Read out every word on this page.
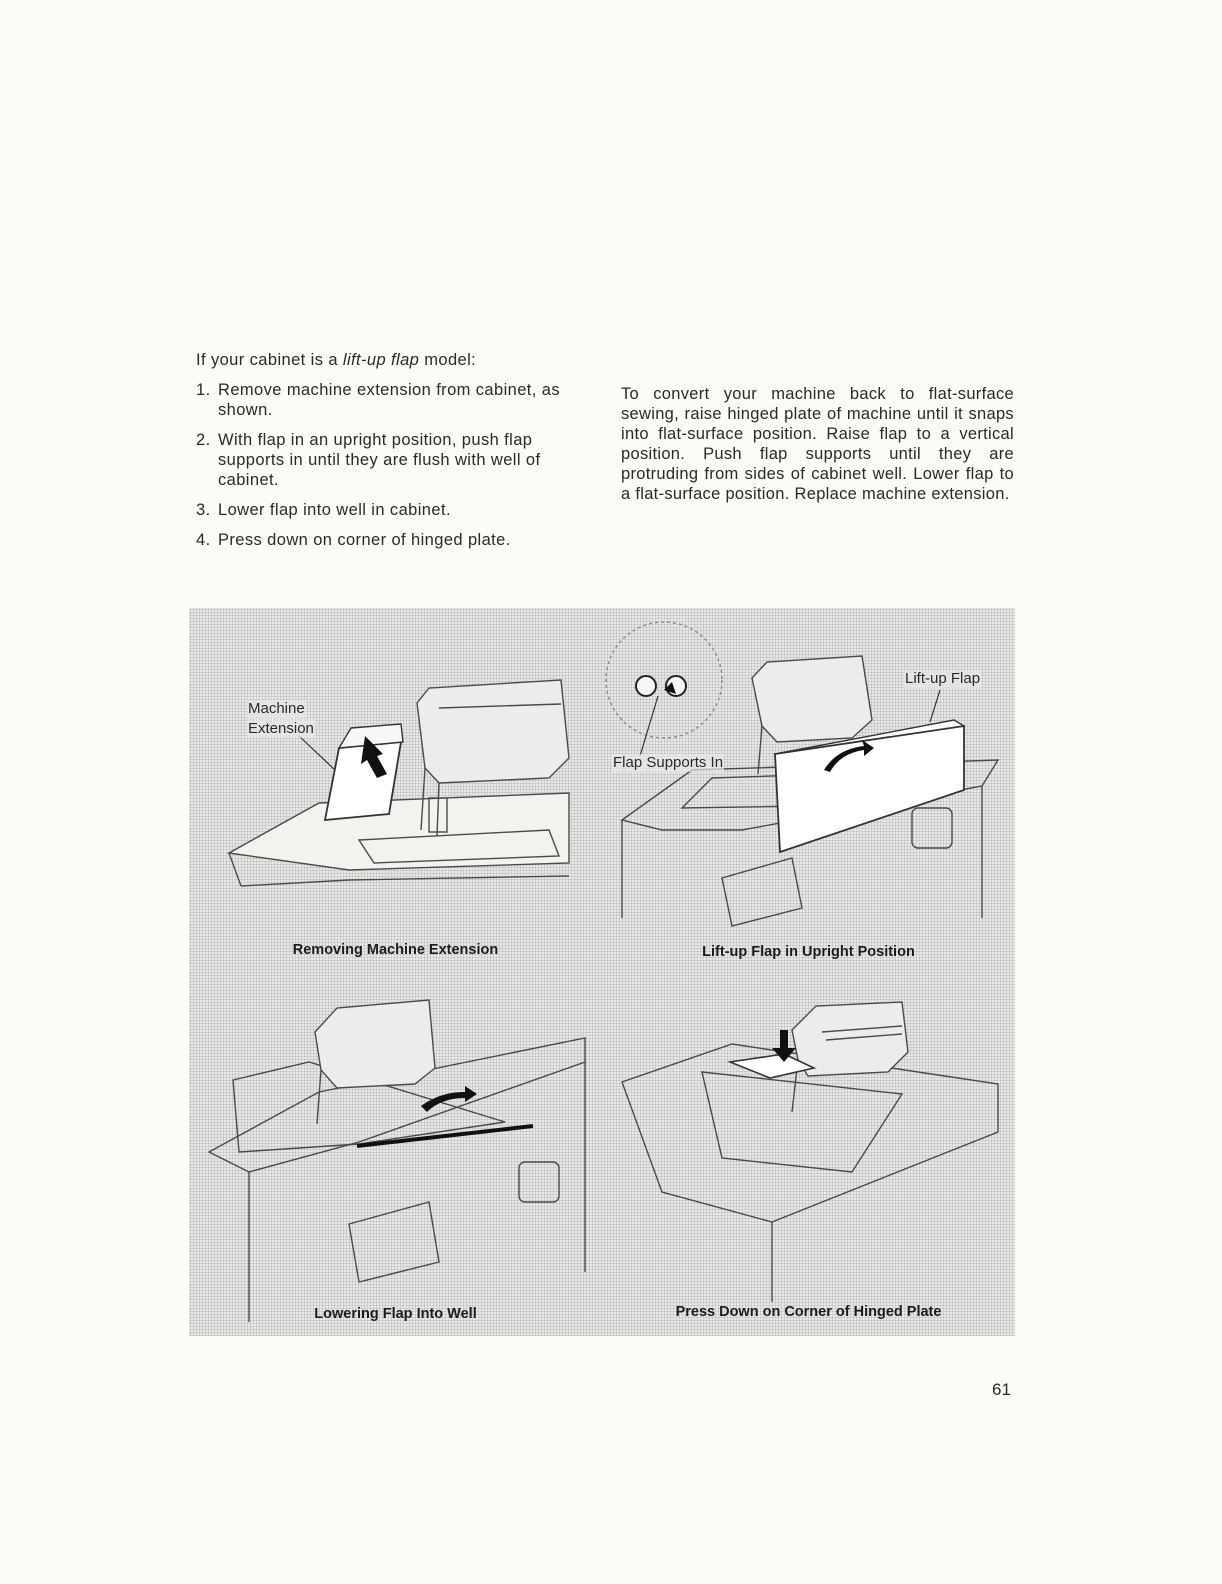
If your cabinet is a lift-up flap model:

1. Remove machine extension from cabinet, as shown.
2. With flap in an upright position, push flap supports in until they are flush with well of cabinet.
3. Lower flap into well in cabinet.
4. Press down on corner of hinged plate.
To convert your machine back to flat-surface sewing, raise hinged plate of machine until it snaps into flat-surface position. Raise flap to a vertical position. Push flap supports until they are protruding from sides of cabinet well. Lower flap to a flat-surface position. Replace machine extension.
Machine
Extension
Removing Machine Extension
Lift-up Flap
Flap Supports In
Lift-up Flap in Upright Position
Lowering Flap Into Well	Press Down on Corner of Hinged Plate
61
